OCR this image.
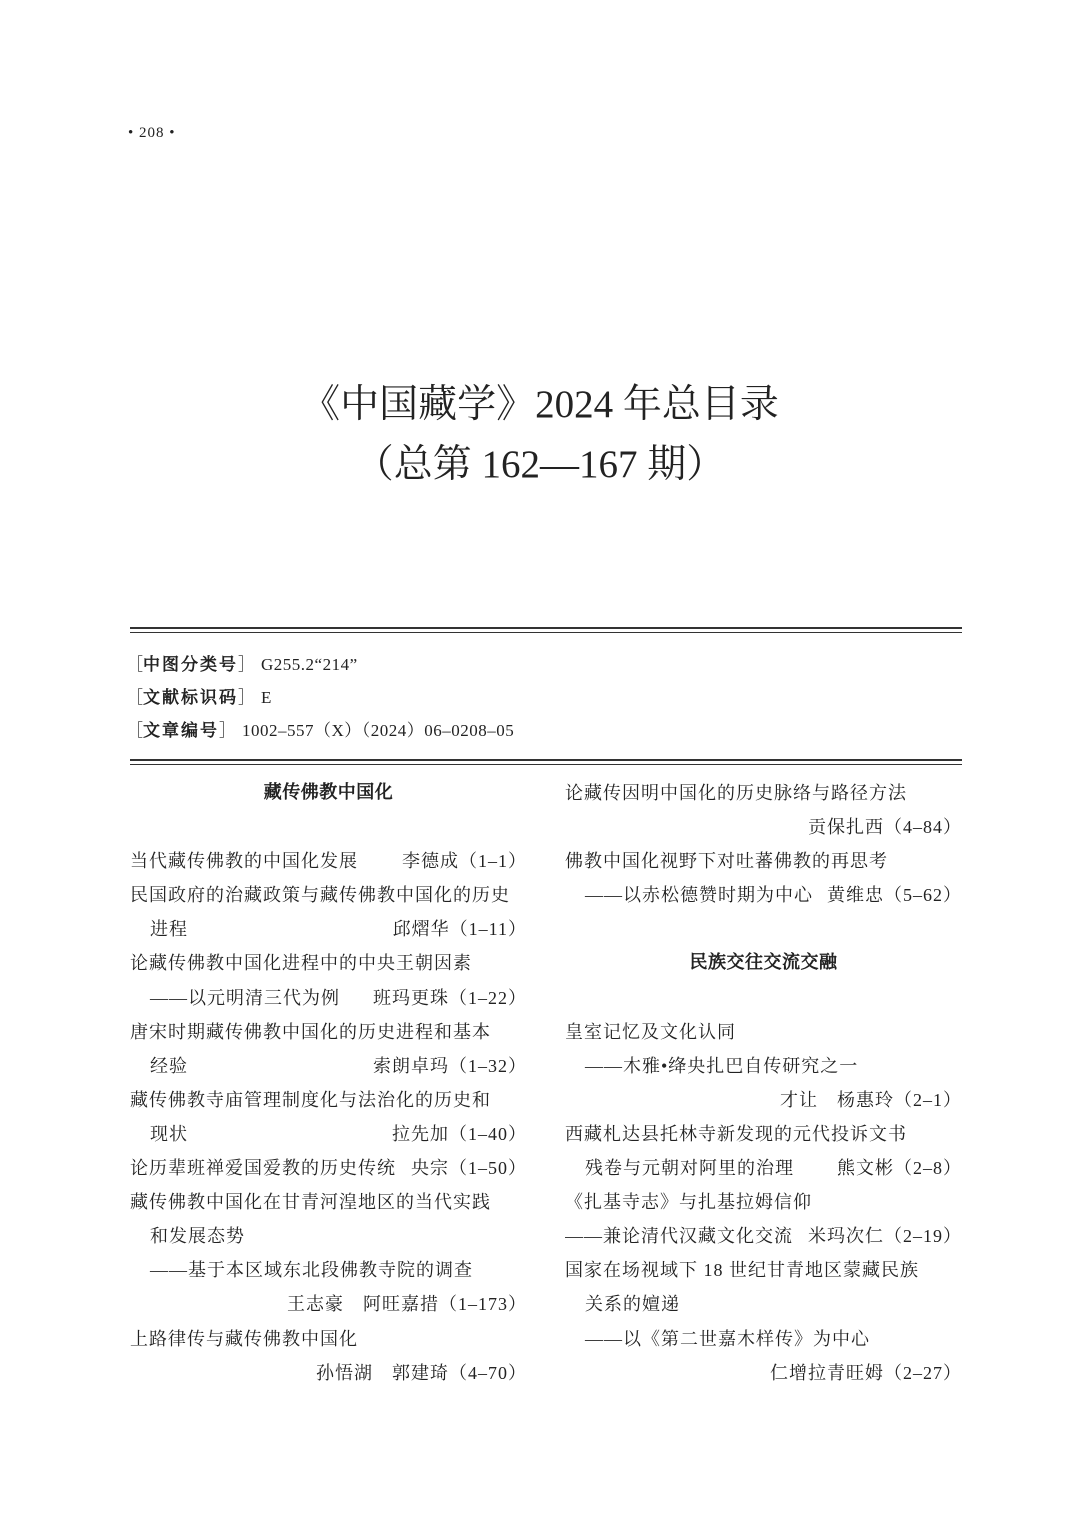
• 208 •
《中国藏学》2024 年总目录
（总第 162—167 期）
［中图分类号］ G255.2“214”
［文献标识码］ E
［文章编号］ 1002–557（X）（2024）06–0208–05
藏传佛教中国化
当代藏传佛教的中国化发展 李德成（1–1）
民国政府的治藏政策与藏传佛教中国化的历史
进程	邱熠华（1–11）
论藏传佛教中国化进程中的中央王朝因素
——以元明清三代为例 班玛更珠（1–22）
唐宋时期藏传佛教中国化的历史进程和基本
经验	索朗卓玛（1–32）
藏传佛教寺庙管理制度化与法治化的历史和
现状	拉先加（1–40）
论历辈班禅爱国爱教的历史传统 央宗（1–50）
藏传佛教中国化在甘青河湟地区的当代实践
和发展态势
——基于本区域东北段佛教寺院的调查
王志豪　阿旺嘉措（1–173）
上路律传与藏传佛教中国化
孙悟湖　郭建琦（4–70）
论藏传因明中国化的历史脉络与路径方法
贡保扎西（4–84）
佛教中国化视野下对吐蕃佛教的再思考
——以赤松德赞时期为中心 黄维忠（5–62）
民族交往交流交融
皇室记忆及文化认同
——木雅•绛央扎巴自传研究之一
才让　杨惠玲（2–1）
西藏札达县托林寺新发现的元代投诉文书
残卷与元朝对阿里的治理 熊文彬（2–8）
《扎基寺志》与扎基拉姆信仰
——兼论清代汉藏文化交流 米玛次仁（2–19）
国家在场视域下 18 世纪甘青地区蒙藏民族
关系的嬗递
——以《第二世嘉木样传》为中心
仁增拉青旺姆（2–27）
